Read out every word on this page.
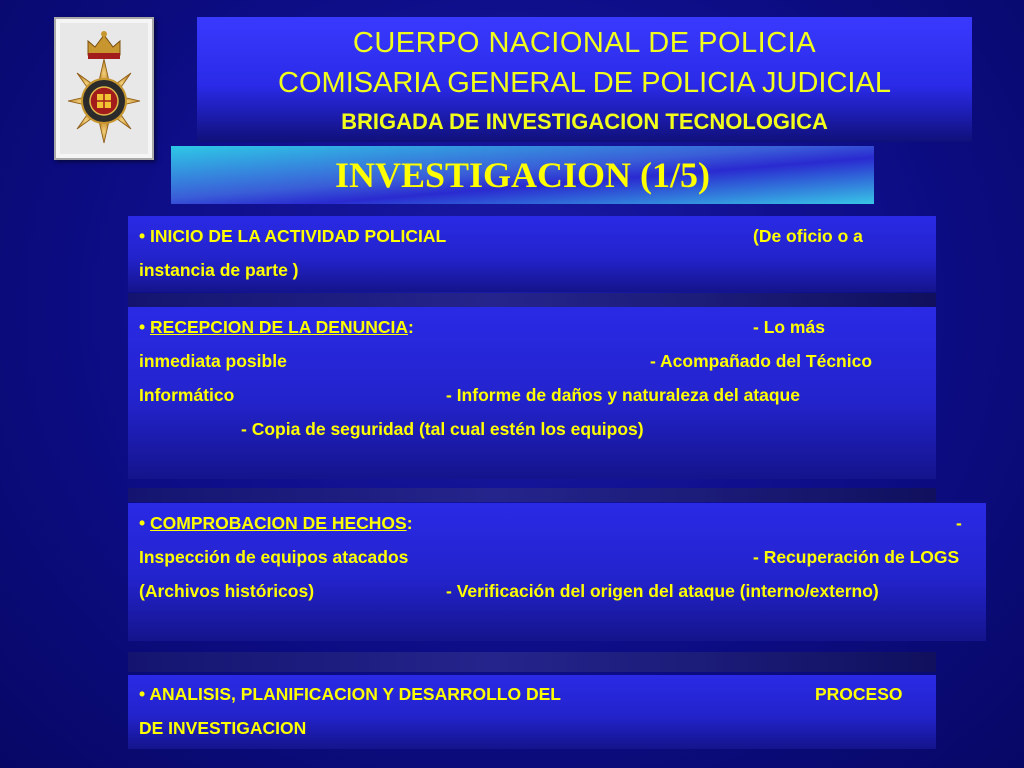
CUERPO NACIONAL DE POLICIA
COMISARIA GENERAL DE POLICIA JUDICIAL
BRIGADA DE INVESTIGACION TECNOLOGICA
INVESTIGACION (1/5)
• INICIO DE LA ACTIVIDAD POLICIAL	(De oficio o a
instancia de parte )
• RECEPCION DE LA DENUNCIA:	- Lo más
inmediata posible	- Acompañado del Técnico
Informático	- Informe de daños y naturaleza del ataque
- Copia de seguridad (tal cual estén los equipos)
• COMPROBACION DE HECHOS:	-
Inspección de equipos atacados	- Recuperación de LOGS
(Archivos históricos)	- Verificación del origen del ataque (interno/externo)
• ANALISIS, PLANIFICACION Y DESARROLLO DEL	PROCESO
DE INVESTIGACION
